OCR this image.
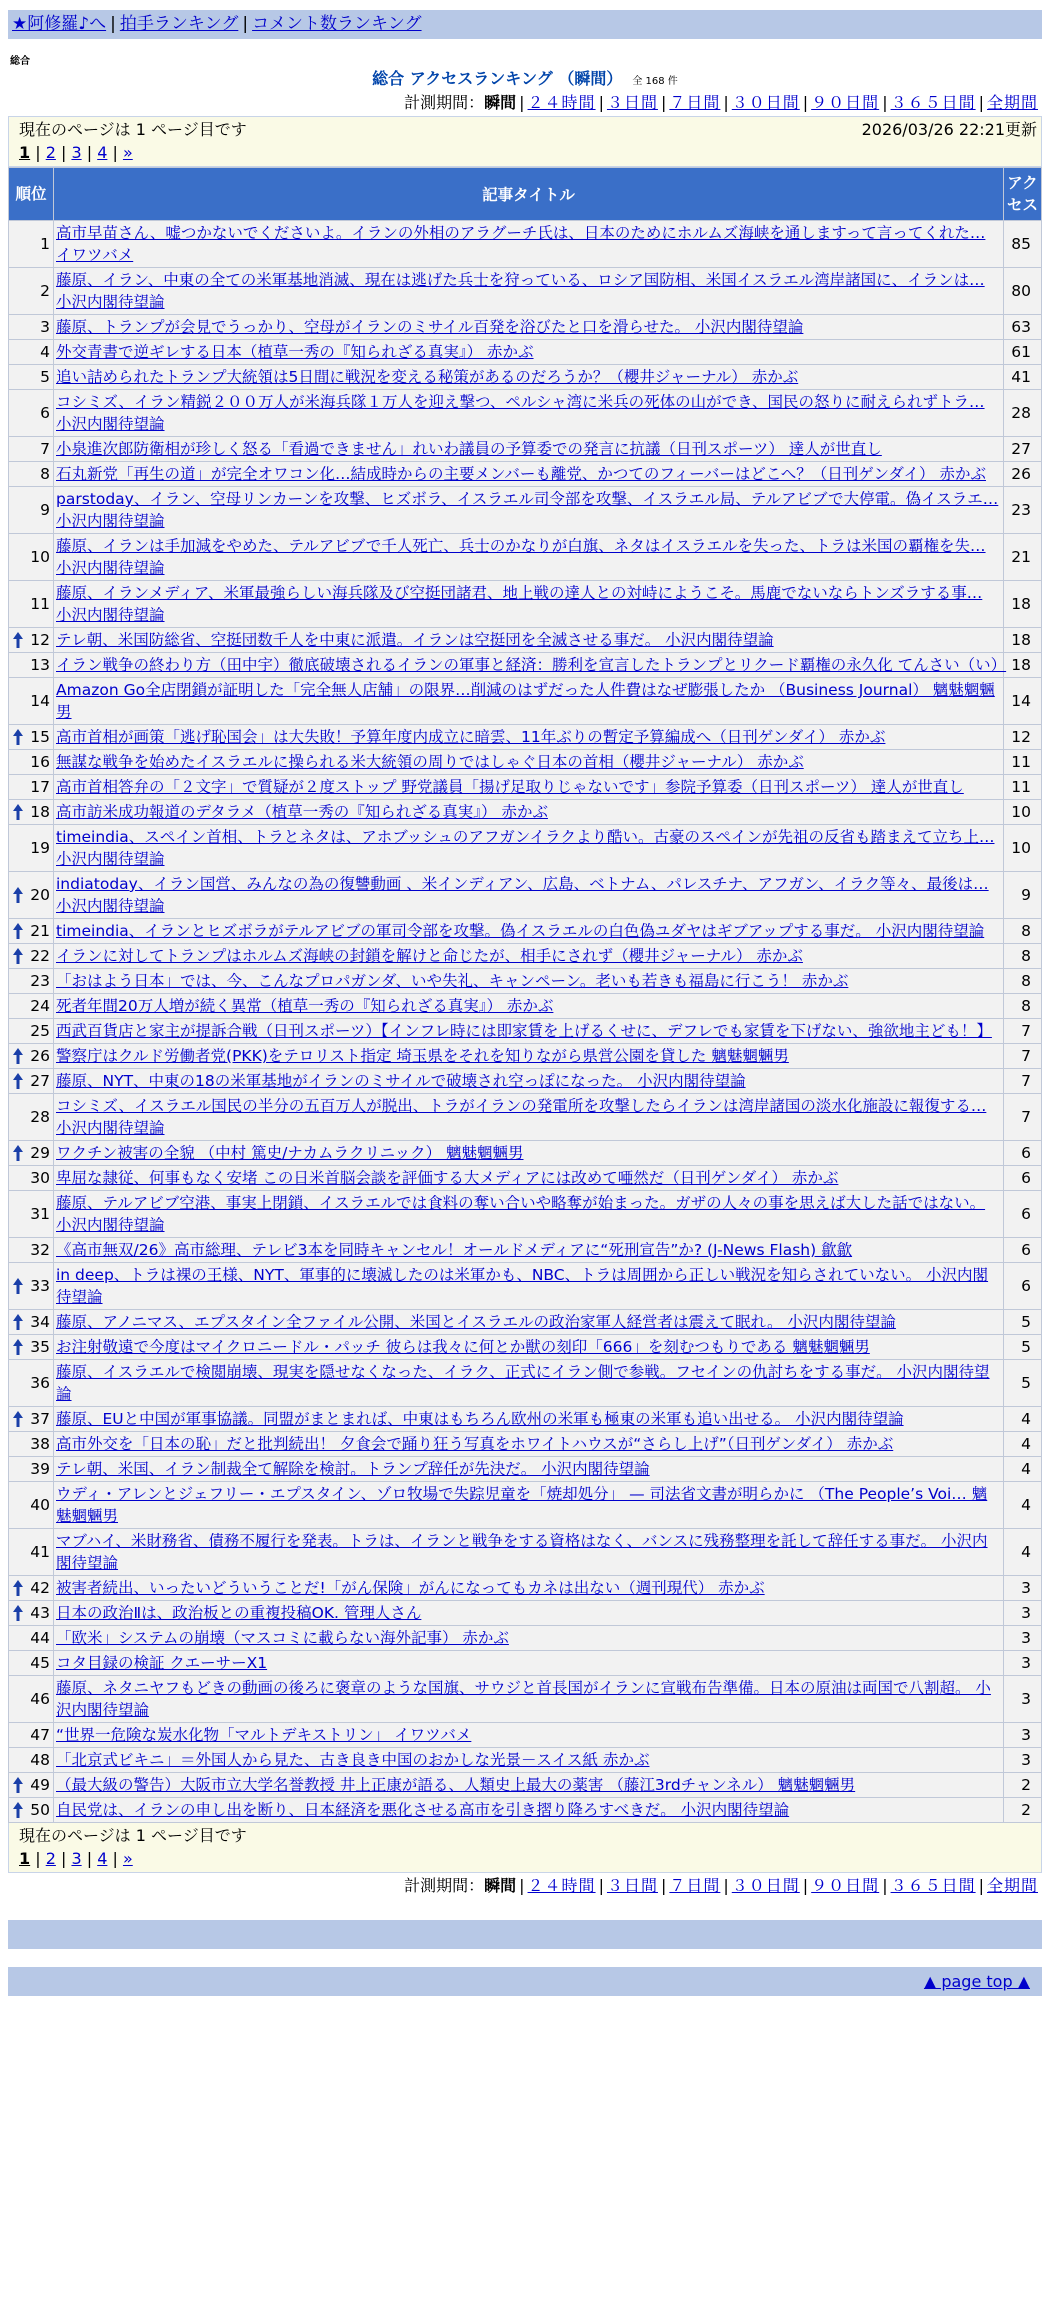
★阿修羅♪へ | 拍手ランキング | コメント数ランキング
総合
総合 アクセスランキング （瞬間） 全 168 件
計測期間：瞬間 | ２４時間 | ３日間 | ７日間 | ３０日間 | ９０日間 | ３６５日間 | 全期間
現在のページは 1 ページ目です	2026/03/26 22:21更新
1 | 2 | 3 | 4 | »
順位	記事タイトル	アクセス
1	高市早苗さん、嘘つかないでくださいよ。イランの外相のアラグーチ氏は、日本のためにホルムズ海峡を通しますって言ってくれた… イワツバメ	85
2	藤原、イラン、中東の全ての米軍基地消滅、現在は逃げた兵士を狩っている、ロシア国防相、米国イスラエル湾岸諸国に、イランは… 小沢内閣待望論	80
3	藤原、トランプが会見でうっかり、空母がイランのミサイル百発を浴びたと口を滑らせた。 小沢内閣待望論	63
4	外交青書で逆ギレする日本（植草一秀の『知られざる真実』） 赤かぶ	61
5	追い詰められたトランプ大統領は5日間に戦況を変える秘策があるのだろうか？（櫻井ジャーナル） 赤かぶ	41
6	コシミズ、イラン精鋭２００万人が米海兵隊１万人を迎え撃つ、ペルシャ湾に米兵の死体の山ができ、国民の怒りに耐えられずトラ… 小沢内閣待望論	28
7	小泉進次郎防衛相が珍しく怒る「看過できません」れいわ議員の予算委での発言に抗議（日刊スポーツ） 達人が世直し	27
8	石丸新党「再生の道」が完全オワコン化…結成時からの主要メンバーも離党、かつてのフィーバーはどこへ？（日刊ゲンダイ） 赤かぶ	26
9	parstoday、イラン、空母リンカーンを攻撃、ヒズボラ、イスラエル司令部を攻撃、イスラエル局、テルアビブで大停電。偽イスラエ… 小沢内閣待望論	23
10	藤原、イランは手加減をやめた、テルアビブで千人死亡、兵士のかなりが白旗、ネタはイスラエルを失った、トラは米国の覇権を失… 小沢内閣待望論	21
11	藤原、イランメディア、米軍最強らしい海兵隊及び空挺団諸君、地上戦の達人との対峙にようこそ。馬鹿でないならトンズラする事… 小沢内閣待望論	18

12	テレ朝、米国防総省、空挺団数千人を中東に派遣。イランは空挺団を全滅させる事だ。 小沢内閣待望論	18
13	イラン戦争の終わり方（田中宇）徹底破壊されるイランの軍事と経済：勝利を宣言したトランプとリクード覇権の永久化 てんさい（い）	18
14	Amazon Go全店閉鎖が証明した「完全無人店舗」の限界…削減のはずだった人件費はなぜ膨張したか （Business Journal） 魑魅魍魎男	14

15	高市首相が画策「逃げ恥国会」は大失敗！予算年度内成立に暗雲、11年ぶりの暫定予算編成へ（日刊ゲンダイ） 赤かぶ	12
16	無謀な戦争を始めたイスラエルに操られる米大統領の周りではしゃぐ日本の首相（櫻井ジャーナル） 赤かぶ	11
17	高市首相答弁の「２文字」で質疑が２度ストップ 野党議員「揚げ足取りじゃないです」参院予算委（日刊スポーツ） 達人が世直し	11

18	高市訪米成功報道のデタラメ（植草一秀の『知られざる真実』） 赤かぶ	10
19	timeindia、スペイン首相、トラとネタは、アホブッシュのアフガンイラクより酷い。古豪のスペインが先祖の反省も踏まえて立ち上… 小沢内閣待望論	10

20	indiatoday、イラン国営、みんなの為の復讐動画 、米インディアン、広島、ベトナム、パレスチナ、アフガン、イラク等々、最後は… 小沢内閣待望論	9

21	timeindia、イランとヒズボラがテルアビブの軍司令部を攻撃。偽イスラエルの白色偽ユダヤはギブアップする事だ。 小沢内閣待望論	8

22	イランに対してトランプはホルムズ海峡の封鎖を解けと命じたが、相手にされず（櫻井ジャーナル） 赤かぶ	8
23	「おはよう日本」では、今、こんなプロパガンダ、いや失礼、キャンペーン。老いも若きも福島に行こう！ 赤かぶ	8
24	死者年間20万人増が続く異常（植草一秀の『知られざる真実』） 赤かぶ	8
25	西武百貨店と家主が提訴合戦（日刊スポーツ）【インフレ時には即家賃を上げるくせに、デフレでも家賃を下げない、強欲地主ども！】	7

26	警察庁はクルド労働者党(PKK)をテロリスト指定 埼玉県をそれを知りながら県営公園を貸した 魑魅魍魎男	7

27	藤原、NYT、中東の18の米軍基地がイランのミサイルで破壊され空っぽになった。 小沢内閣待望論	7
28	コシミズ、イスラエル国民の半分の五百万人が脱出、トラがイランの発電所を攻撃したらイランは湾岸諸国の淡水化施設に報復する… 小沢内閣待望論	7

29	ワクチン被害の全貌 （中村 篤史/ナカムラクリニック） 魑魅魍魎男	6
30	卑屈な隷従、何事もなく安堵 この日米首脳会談を評価する大メディアには改めて唖然だ（日刊ゲンダイ） 赤かぶ	6
31	藤原、テルアビブ空港、事実上閉鎖、イスラエルでは食料の奪い合いや略奪が始まった。ガザの人々の事を思えば大した話ではない。 小沢内閣待望論	6
32	《高市無双/26》高市総理、テレビ3本を同時キャンセル！オールドメディアに“死刑宣告”か? (J-News Flash) 歙歙	6

33	in deep、トラは裸の王様、NYT、軍事的に壊滅したのは米軍かも、NBC、トラは周囲から正しい戦況を知らされていない。 小沢内閣待望論	6

34	藤原、アノニマス、エプスタイン全ファイル公開、米国とイスラエルの政治家軍人経営者は震えて眠れ。 小沢内閣待望論	5

35	お注射敬遠で今度はマイクロニードル・パッチ 彼らは我々に何とか獣の刻印「666」を刻むつもりである 魑魅魍魎男	5
36	藤原、イスラエルで検閲崩壊、現実を隠せなくなった、イラク、正式にイラン側で参戦。フセインの仇討ちをする事だ。 小沢内閣待望論	5

37	藤原、EUと中国が軍事協議。同盟がまとまれば、中東はもちろん欧州の米軍も極東の米軍も追い出せる。 小沢内閣待望論	4
38	高市外交を「日本の恥」だと批判続出！ 夕食会で踊り狂う写真をホワイトハウスが“さらし上げ”（日刊ゲンダイ） 赤かぶ	4
39	テレ朝、米国、イラン制裁全て解除を検討。トランプ辞任が先決だ。 小沢内閣待望論	4
40	ウディ・アレンとジェフリー・エプスタイン、ゾロ牧場で失踪児童を「焼却処分」 — 司法省文書が明らかに （The People’s Voi… 魑魅魍魎男	4
41	マブハイ、米財務省、債務不履行を発表。トラは、イランと戦争をする資格はなく、バンスに残務整理を託して辞任する事だ。 小沢内閣待望論	4

42	被害者続出、いったいどういうことだ!「がん保険」がんになってもカネは出ない（週刊現代） 赤かぶ	3

43	日本の政治Ⅱは、政治板との重複投稿OK. 管理人さん	3
44	「欧米」システムの崩壊（マスコミに載らない海外記事） 赤かぶ	3
45	コタ目録の検証 クエーサーX1	3
46	藤原、ネタニヤフもどきの動画の後ろに褒章のような国旗、サウジと首長国がイランに宣戦布告準備。日本の原油は両国で八割超。 小沢内閣待望論	3
47	“世界一危険な炭水化物「マルトデキストリン」 イワツバメ	3
48	「北京式ビキニ」＝外国人から見た、古き良き中国のおかしな光景－スイス紙 赤かぶ	3

49	（最大級の警告）大阪市立大学名誉教授 井上正康が語る、人類史上最大の薬害 （藤江3rdチャンネル） 魑魅魍魎男	2

50	自民党は、イランの申し出を断り、日本経済を悪化させる高市を引き摺り降ろすべきだ。 小沢内閣待望論	2
現在のページは 1 ページ目です
1 | 2 | 3 | 4 | »
計測期間：瞬間 | ２４時間 | ３日間 | ７日間 | ３０日間 | ９０日間 | ３６５日間 | 全期間
▲ page top ▲
